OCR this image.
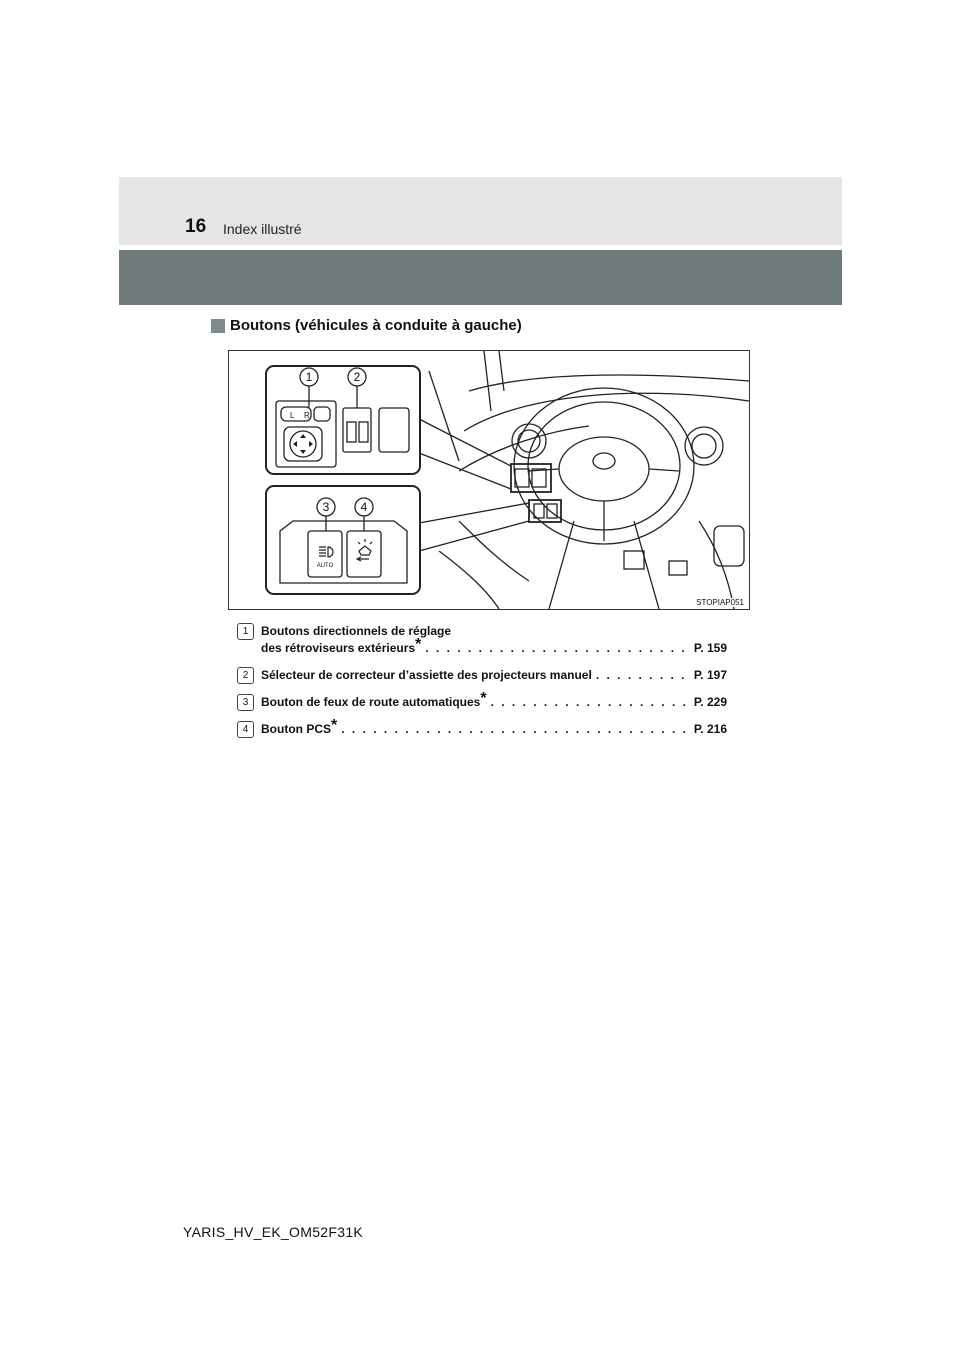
16 Index illustré
Boutons (véhicules à conduite à gauche)
1	2
3	4
L R
AUTO
STOPIAP051
1	Boutons directionnels de réglage
des rétroviseurs extérieurs* . . .	P. 159
2	Sélecteur de correcteur d’assiette des projecteurs manuel . . .	P. 197
3	Bouton de feux de route automatiques* . . .	P. 229
4	Bouton PCS* . . .	P. 216
YARIS_HV_EK_OM52F31K
